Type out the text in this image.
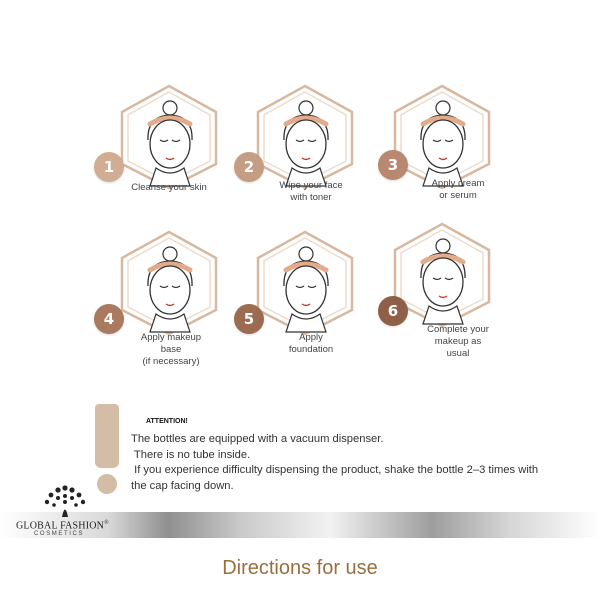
1
Cleanse your skin
2
Wipe your face
with toner
3
Apply cream
or serum
4
Apply makeup
base
(if necessary)
5
Apply
foundation
6
Complete your
makeup as
usual
ATTENTION!
The bottles are equipped with a vacuum dispenser.
There is no tube inside.
If you experience difficulty dispensing the product, shake the bottle 2–3 times with
the cap facing down.
GLOBAL FASHION®
COSMETICS
Directions for use
